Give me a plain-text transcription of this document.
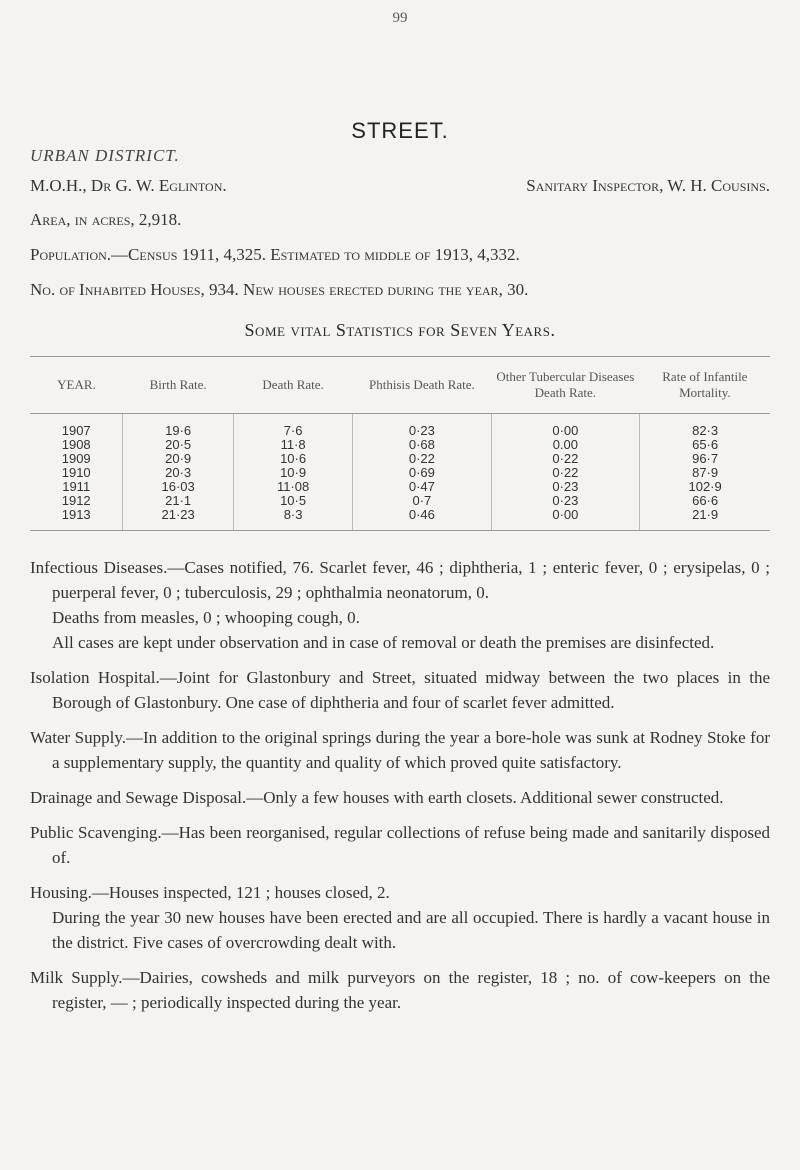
99
STREET.
URBAN DISTRICT.
M.O.H., Dr G. W. Eglinton.	Sanitary Inspector, W. H. Cousins.
Area, in acres, 2,918.
Population.—Census 1911, 4,325. Estimated to middle of 1913, 4,332.
No. of Inhabited Houses, 934. New houses erected during the year, 30.
Some vital Statistics for Seven Years.
YEAR.	Birth Rate.	Death Rate.	Phthisis Death Rate.	Other Tubercular Diseases Death Rate.	Rate of Infantile Mortality.
1907	19·6	7·6	0·23	0·00	82·3
1908	20·5	11·8	0·68	0.00	65·6
1909	20·9	10·6	0·22	0·22	96·7
1910	20·3	10·9	0·69	0·22	87·9
1911	16·03	11·08	0·47	0·23	102·9
1912	21·1	10·5	0·7	0·23	66·6
1913	21·23	8·3	0·46	0·00	21·9

Infectious Diseases.—Cases notified, 76. Scarlet fever, 46 ; diphtheria, 1 ; enteric fever, 0 ; erysipelas, 0 ; puerperal fever, 0 ; tuberculosis, 29 ; ophthalmia neonatorum, 0.

Deaths from measles, 0 ; whooping cough, 0.

All cases are kept under observation and in case of removal or death the premises are disinfected.

Isolation Hospital.—Joint for Glastonbury and Street, situated midway between the two places in the Borough of Glastonbury. One case of diphtheria and four of scarlet fever admitted.

Water Supply.—In addition to the original springs during the year a bore-hole was sunk at Rodney Stoke for a supplementary supply, the quantity and quality of which proved quite satisfactory.

Drainage and Sewage Disposal.—Only a few houses with earth closets. Additional sewer constructed.

Public Scavenging.—Has been reorganised, regular collections of refuse being made and sanitarily disposed of.

Housing.—Houses inspected, 121 ; houses closed, 2.

During the year 30 new houses have been erected and are all occupied. There is hardly a vacant house in the district. Five cases of overcrowding dealt with.

Milk Supply.—Dairies, cowsheds and milk purveyors on the register, 18 ; no. of cow-keepers on the register, — ; periodically inspected during the year.
